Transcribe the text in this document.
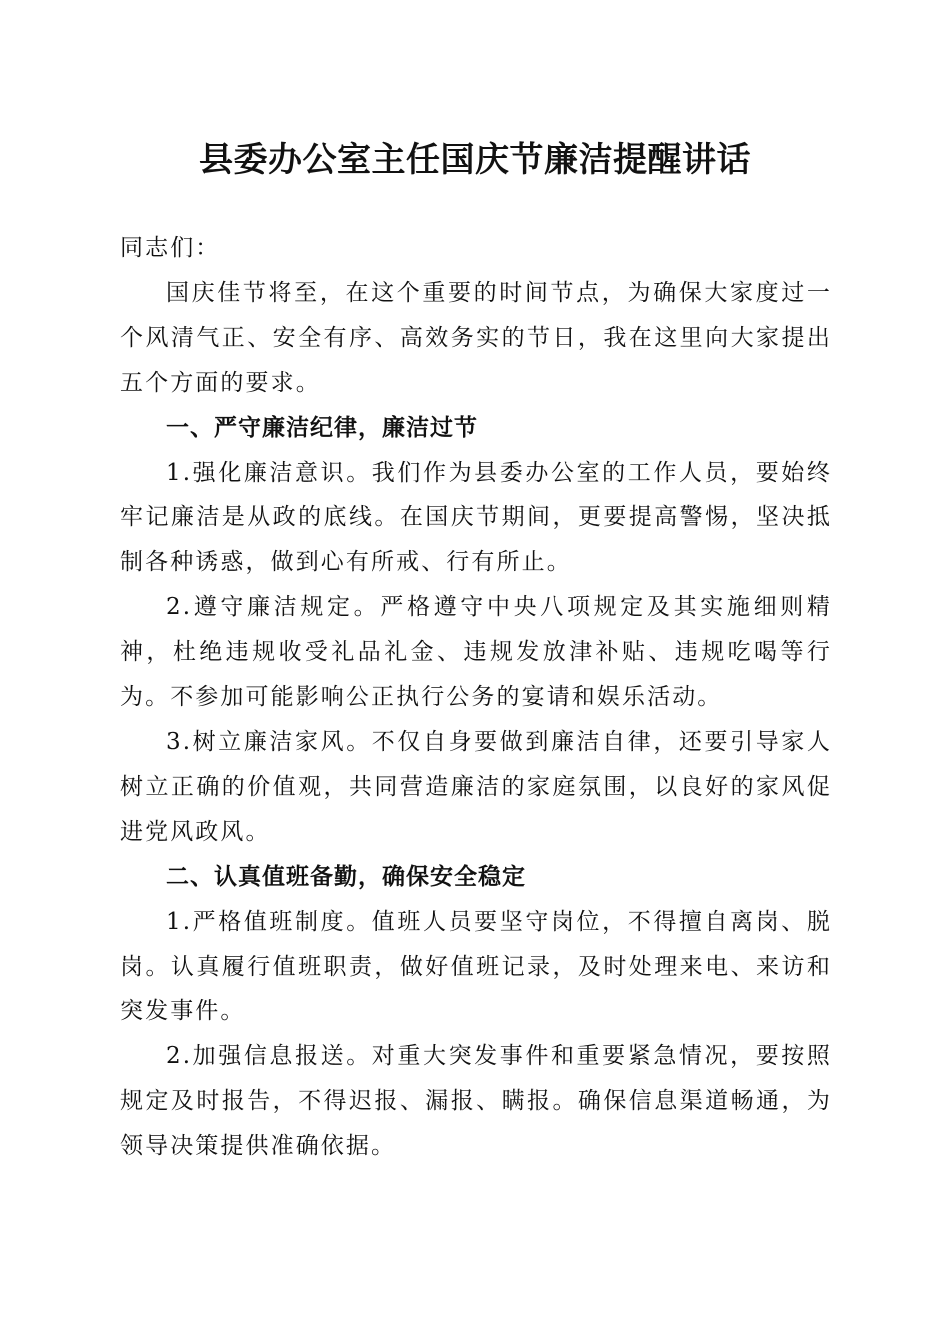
县委办公室主任国庆节廉洁提醒讲话

同志们：

国庆佳节将至，在这个重要的时间节点，为确保大家度过一个风清气正、安全有序、高效务实的节日，我在这里向大家提出五个方面的要求。

一、严守廉洁纪律，廉洁过节

1.强化廉洁意识。我们作为县委办公室的工作人员，要始终牢记廉洁是从政的底线。在国庆节期间，更要提高警惕，坚决抵制各种诱惑，做到心有所戒、行有所止。

2.遵守廉洁规定。严格遵守中央八项规定及其实施细则精神，杜绝违规收受礼品礼金、违规发放津补贴、违规吃喝等行为。不参加可能影响公正执行公务的宴请和娱乐活动。

3.树立廉洁家风。不仅自身要做到廉洁自律，还要引导家人树立正确的价值观，共同营造廉洁的家庭氛围，以良好的家风促进党风政风。

二、认真值班备勤，确保安全稳定

1.严格值班制度。值班人员要坚守岗位，不得擅自离岗、脱岗。认真履行值班职责，做好值班记录，及时处理来电、来访和突发事件。

2.加强信息报送。对重大突发事件和重要紧急情况，要按照规定及时报告，不得迟报、漏报、瞒报。确保信息渠道畅通，为领导决策提供准确依据。
